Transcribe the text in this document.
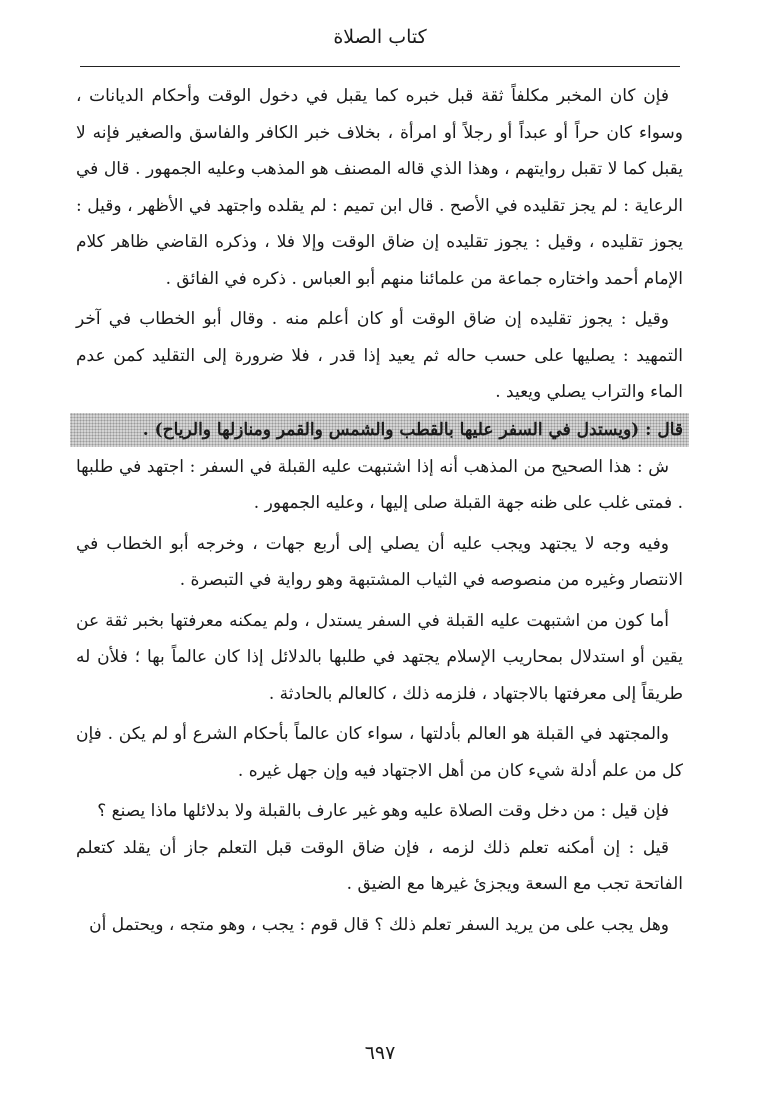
كتاب الصلاة

فإن كان المخبر مكلفاً ثقة قبل خبره كما يقبل في دخول الوقت وأحكام الديانات ، وسواء كان حراً أو عبداً أو رجلاً أو امرأة ، بخلاف خبر الكافر والفاسق والصغير فإنه لا يقبل كما لا تقبل روايتهم ، وهذا الذي قاله المصنف هو المذهب وعليه الجمهور . قال في الرعاية : لم يجز تقليده في الأصح . قال ابن تميم : لم يقلده واجتهد في الأظهر ، وقيل : يجوز تقليده ، وقيل : يجوز تقليده إن ضاق الوقت وإلا فلا ، وذكره القاضي ظاهر كلام الإمام أحمد واختاره جماعة من علمائنا منهم أبو العباس . ذكره في الفائق .

وقيل : يجوز تقليده إن ضاق الوقت أو كان أعلم منه . وقال أبو الخطاب في آخر التمهيد : يصليها على حسب حاله ثم يعيد إذا قدر ، فلا ضرورة إلى التقليد كمن عدم الماء والتراب يصلي ويعيد .

قال : (ويستدل في السفر عليها بالقطب والشمس والقمر ومنازلها والرياح) .

ش : هذا الصحيح من المذهب أنه إذا اشتبهت عليه القبلة في السفر : اجتهد في طلبها . فمتى غلب على ظنه جهة القبلة صلى إليها ، وعليه الجمهور .

وفيه وجه لا يجتهد ويجب عليه أن يصلي إلى أربع جهات ، وخرجه أبو الخطاب في الانتصار وغيره من منصوصه في الثياب المشتبهة وهو رواية في التبصرة .

أما كون من اشتبهت عليه القبلة في السفر يستدل ، ولم يمكنه معرفتها بخبر ثقة عن يقين أو استدلال بمحاريب الإسلام يجتهد في طلبها بالدلائل إذا كان عالماً بها ؛ فلأن له طريقاً إلى معرفتها بالاجتهاد ، فلزمه ذلك ، كالعالم بالحادثة .

والمجتهد في القبلة هو العالم بأدلتها ، سواء كان عالماً بأحكام الشرع أو لم يكن . فإن كل من علم أدلة شيء كان من أهل الاجتهاد فيه وإن جهل غيره .

فإن قيل : من دخل وقت الصلاة عليه وهو غير عارف بالقبلة ولا بدلائلها ماذا يصنع ؟

قيل : إن أمكنه تعلم ذلك لزمه ، فإن ضاق الوقت قبل التعلم جاز أن يقلد كتعلم الفاتحة تجب مع السعة ويجزئ غيرها مع الضيق .

وهل يجب على من يريد السفر تعلم ذلك ؟ قال قوم : يجب ، وهو متجه ، ويحتمل أن

٦٩٧
